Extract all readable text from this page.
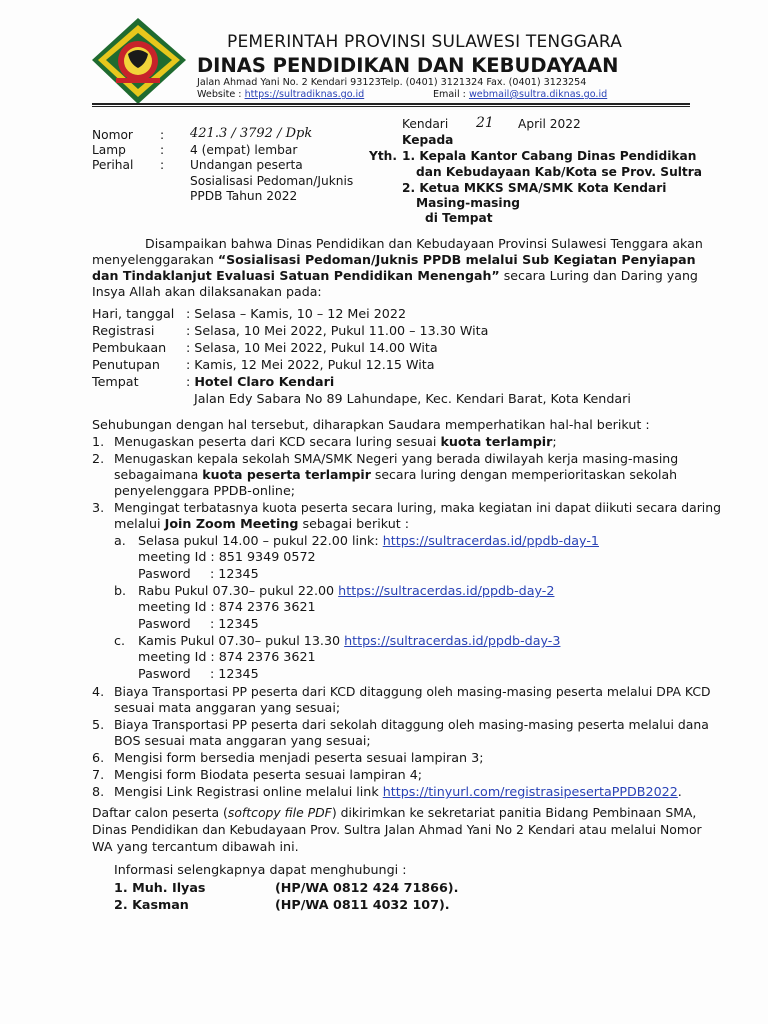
PEMERINTAH PROVINSI SULAWESI TENGGARA
DINAS PENDIDIKAN DAN KEBUDAYAAN
Jalan Ahmad Yani No. 2 Kendari 93123Telp. (0401) 3121324 Fax. (0401) 3123254
Website : https://sultradiknas.go.id	Email : webmail@sultra.diknas.go.id
Kendari 21 April 2022
Nomor : 421.3 / 3792 / Dpk
Lamp	: 4 (empat) lembar
Perihal : Undangan peserta
Sosialisasi Pedoman/Juknis
PPDB Tahun 2022
Kepada
Yth. 1. Kepala Kantor Cabang Dinas Pendidikan
dan Kebudayaan Kab/Kota se Prov. Sultra
2. Ketua MKKS SMA/SMK Kota Kendari
Masing-masing
di Tempat
Disampaikan bahwa Dinas Pendidikan dan Kebudayaan Provinsi Sulawesi Tenggara akan
menyelenggarakan “Sosialisasi Pedoman/Juknis PPDB melalui Sub Kegiatan Penyiapan
dan Tindaklanjut Evaluasi Satuan Pendidikan Menengah” secara Luring dan Daring yang
Insya Allah akan dilaksanakan pada:
Hari, tanggal : Selasa – Kamis, 10 – 12 Mei 2022
Registrasi : Selasa, 10 Mei 2022, Pukul 11.00 – 13.30 Wita
Pembukaan : Selasa, 10 Mei 2022, Pukul 14.00 Wita
Penutupan : Kamis, 12 Mei 2022, Pukul 12.15 Wita
Tempat	: Hotel Claro Kendari
Jalan Edy Sabara No 89 Lahundape, Kec. Kendari Barat, Kota Kendari
Sehubungan dengan hal tersebut, diharapkan Saudara memperhatikan hal-hal berikut :
1. Menugaskan peserta dari KCD secara luring sesuai kuota terlampir;
2. Menugaskan kepala sekolah SMA/SMK Negeri yang berada diwilayah kerja masing-masing
sebagaimana kuota peserta terlampir secara luring dengan memperioritaskan sekolah
penyelenggara PPDB-online;
3. Mengingat terbatasnya kuota peserta secara luring, maka kegiatan ini dapat diikuti secara daring
melalui Join Zoom Meeting sebagai berikut :
a. Selasa pukul 14.00 – pukul 22.00 link: https://sultracerdas.id/ppdb-day-1
meeting Id : 851 9349 0572
Pasword : 12345
b. Rabu Pukul 07.30– pukul 22.00 https://sultracerdas.id/ppdb-day-2
meeting Id : 874 2376 3621
Pasword : 12345
c. Kamis Pukul 07.30– pukul 13.30 https://sultracerdas.id/ppdb-day-3
meeting Id : 874 2376 3621
Pasword : 12345
4. Biaya Transportasi PP peserta dari KCD ditaggung oleh masing-masing peserta melalui DPA KCD
sesuai mata anggaran yang sesuai;
5. Biaya Transportasi PP peserta dari sekolah ditaggung oleh masing-masing peserta melalui dana
BOS sesuai mata anggaran yang sesuai;
6. Mengisi form bersedia menjadi peserta sesuai lampiran 3;
7. Mengisi form Biodata peserta sesuai lampiran 4;
8. Mengisi Link Registrasi online melalui link https://tinyurl.com/registrasipesertaPPDB2022.
Daftar calon peserta (softcopy file PDF) dikirimkan ke sekretariat panitia Bidang Pembinaan SMA,
Dinas Pendidikan dan Kebudayaan Prov. Sultra Jalan Ahmad Yani No 2 Kendari atau melalui Nomor
WA yang tercantum dibawah ini.
Informasi selengkapnya dapat menghubungi :
1. Muh. Ilyas	(HP/WA 0812 424 71866).
2. Kasman	(HP/WA 0811 4032 107).
